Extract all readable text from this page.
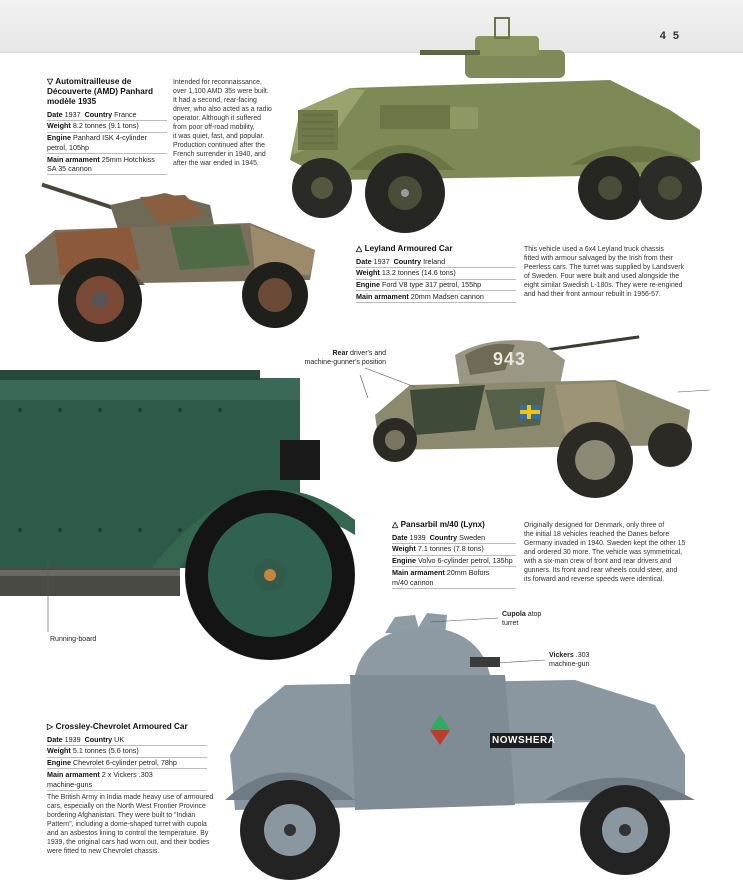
4 5
943
NOWSHERA
▽ Automitrailleuse de
Découverte (AMD) Panhard
modèle 1935
Date 1937 Country France
Weight 8.2 tonnes (9.1 tons)
Engine Panhard ISK 4-cylinder
petrol, 105hp
Main armament 25mm Hotchkiss
SA 35 cannon
Intended for reconnaissance,
over 1,100 AMD 35s were built.
It had a second, rear-facing
driver, who also acted as a radio
operator. Although it suffered
from poor off-road mobility,
it was quiet, fast, and popular.
Production continued after the
French surrender in 1940, and
after the war ended in 1945.
△ Leyland Armoured Car
Date 1937 Country Ireland
Weight 13.2 tonnes (14.6 tons)
Engine Ford V8 type 317 petrol, 155hp
Main armament 20mm Madsen cannon
This vehicle used a 6x4 Leyland truck chassis
fitted with armour salvaged by the Irish from their
Peerless cars. The turret was supplied by Landsverk
of Sweden. Four were built and used alongside the
eight similar Swedish L-180s. They were re-engined
and had their front armour rebuilt in 1956-57.
Rear driver's and
machine-gunner's position
△ Pansarbil m/40 (Lynx)
Date 1939 Country Sweden
Weight 7.1 tonnes (7.8 tons)
Engine Volvo 6-cylinder petrol, 135hp
Main armament 20mm Bofors
m/40 cannon
Originally designed for Denmark, only three of
the initial 18 vehicles reached the Danes before
Germany invaded in 1940. Sweden kept the other 15
and ordered 30 more. The vehicle was symmetrical,
with a six-man crew of front and rear drivers and
gunners. Its front and rear wheels could steer, and
its forward and reverse speeds were identical.
Running-board
Cupola atop
turret
Vickers .303
machine-gun
▷ Crossley-Chevrolet Armoured Car
Date 1939 Country UK
Weight 5.1 tonnes (5.6 tons)
Engine Chevrolet 6-cylinder petrol, 78hp
Main armament 2 x Vickers .303
machine-guns
The British Army in India made heavy use of armoured
cars, especially on the North West Frontier Province
bordering Afghanistan. They were built to "Indian
Pattern", including a dome-shaped turret with cupola
and an asbestos lining to control the temperature. By
1939, the original cars had worn out, and their bodies
were fitted to new Chevrolet chassis.
